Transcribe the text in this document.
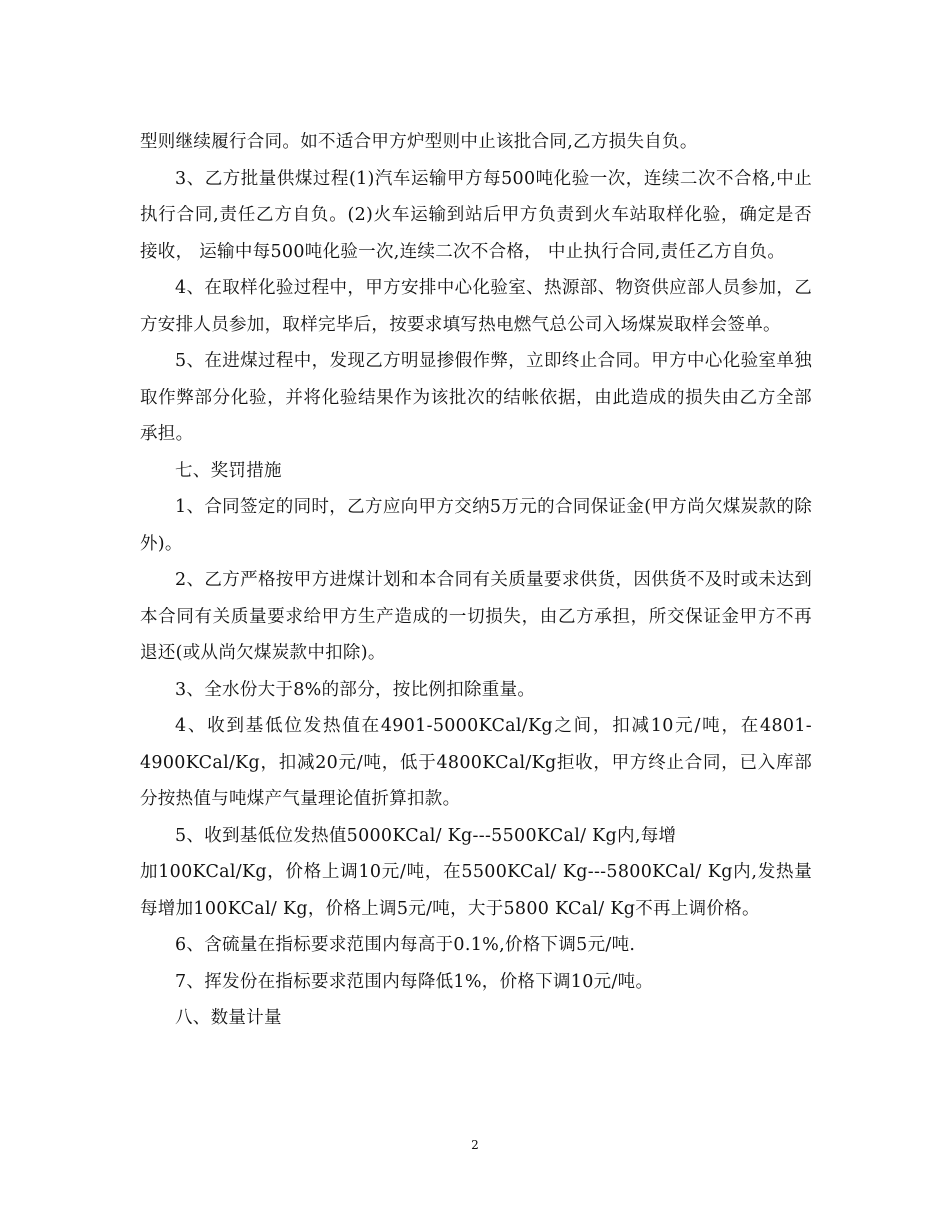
型则继续履行合同。如不适合甲方炉型则中止该批合同,乙方损失自负。

3、乙方批量供煤过程(1)汽车运输甲方每500吨化验一次，连续二次不合格,中止执行合同,责任乙方自负。(2)火车运输到站后甲方负责到火车站取样化验，确定是否接收， 运输中每500吨化验一次,连续二次不合格， 中止执行合同,责任乙方自负。

4、在取样化验过程中，甲方安排中心化验室、热源部、物资供应部人员参加，乙方安排人员参加，取样完毕后，按要求填写热电燃气总公司入场煤炭取样会签单。

5、在进煤过程中，发现乙方明显掺假作弊，立即终止合同。甲方中心化验室单独取作弊部分化验，并将化验结果作为该批次的结帐依据，由此造成的损失由乙方全部承担。

七、奖罚措施

1、合同签定的同时，乙方应向甲方交纳5万元的合同保证金(甲方尚欠煤炭款的除外)。

2、乙方严格按甲方进煤计划和本合同有关质量要求供货，因供货不及时或未达到本合同有关质量要求给甲方生产造成的一切损失，由乙方承担，所交保证金甲方不再退还(或从尚欠煤炭款中扣除)。

3、全水份大于8%的部分，按比例扣除重量。

4、收到基低位发热值在4901-5000KCal/Kg之间，扣减10元/吨，在4801-4900KCal/Kg，扣减20元/吨，低于4800KCal/Kg拒收，甲方终止合同，已入库部分按热值与吨煤产气量理论值折算扣款。

5、收到基低位发热值5000KCal/ Kg---5500KCal/ Kg内,每增

加100KCal/Kg，价格上调10元/吨，在5500KCal/ Kg---5800KCal/ Kg内,发热量每增加100KCal/ Kg，价格上调5元/吨，大于5800 KCal/ Kg不再上调价格。

6、含硫量在指标要求范围内每高于0.1%,价格下调5元/吨.

7、挥发份在指标要求范围内每降低1%，价格下调10元/吨。

八、数量计量

2
